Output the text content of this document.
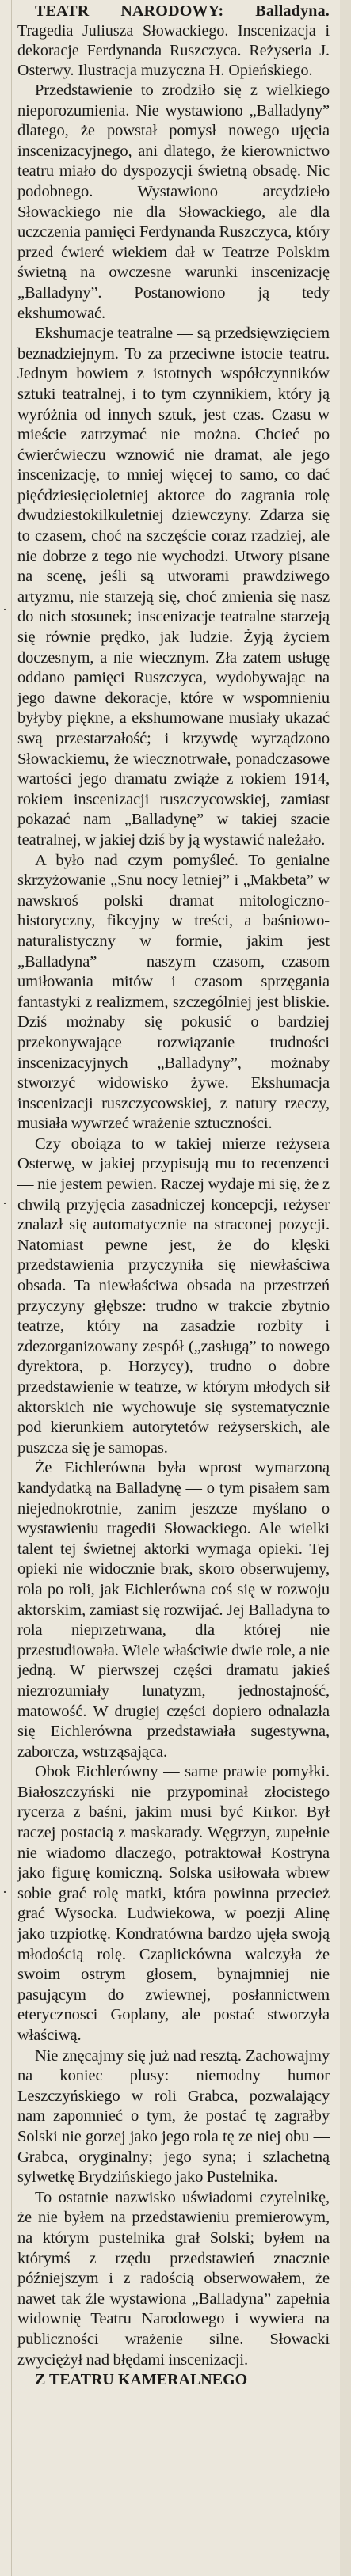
·
·
·

TEATR NARODOWY: Balladyna. Tragedia Juliusza Słowackiego. Inscenizacja i dekoracje Ferdynanda Ruszczyca. Reżyseria J. Osterwy. Ilustracja muzyczna H. Opieńskiego.

Przedstawienie to zrodziło się z wielkiego nieporozumienia. Nie wystawiono „Balladyny” dlatego, że powstał pomysł nowego ujęcia inscenizacyjnego, ani dlatego, że kierownictwo teatru miało do dyspozycji świetną obsadę. Nic podobnego. Wystawiono arcydzieło Słowackiego nie dla Słowackiego, ale dla uczczenia pamięci Ferdynanda Ruszczyca, który przed ćwierć wiekiem dał w Teatrze Polskim świetną na owczesne warunki inscenizację „Balladyny”. Postanowiono ją tedy ekshumować.

Ekshumacje teatralne — są przedsięwzięciem beznadziejnym. To za przeciwne istocie teatru. Jednym bowiem z istotnych współczynników sztuki teatralnej, i to tym czynnikiem, który ją wyróżnia od innych sztuk, jest czas. Czasu w mieście zatrzymać nie można. Chcieć po ćwierćwieczu wznowić nie dramat, ale jego inscenizację, to mniej więcej to samo, co dać pięćdziesięcioletniej aktorce do zagrania rolę dwudziestokilkuletniej dziewczyny. Zdarza się to czasem, choć na szczęście coraz rzadziej, ale nie dobrze z tego nie wychodzi. Utwory pisane na scenę, jeśli są utworami prawdziwego artyzmu, nie starzeją się, choć zmienia się nasz do nich stosunek; inscenizacje teatralne starzeją się równie prędko, jak ludzie. Żyją życiem doczesnym, a nie wiecznym. Zła zatem usługę oddano pamięci Ruszczyca, wydobywając na jego dawne dekoracje, które w wspomnieniu byłyby piękne, a ekshumowane musiały ukazać swą przestarzałość; i krzywdę wyrządzono Słowackiemu, że wiecznotrwałe, ponadczasowe wartości jego dramatu zwiąże z rokiem 1914, rokiem inscenizacji ruszczycowskiej, zamiast pokazać nam „Balladynę” w takiej szacie teatralnej, w jakiej dziś by ją wystawić należało.

A było nad czym pomyśleć. To genialne skrzyżowanie „Snu nocy letniej” i „Makbeta” w nawskroś polski dramat mitologiczno-historyczny, fikcyjny w treści, a baśniowo-naturalistyczny w formie, jakim jest „Balladyna” — naszym czasom, czasom umiłowania mitów i czasom sprzęgania fantastyki z realizmem, szczególniej jest bliskie. Dziś możnaby się pokusić o bardziej przekonywające rozwiązanie trudności inscenizacyjnych „Balladyny”, możnaby stworzyć widowisko żywe. Ekshumacja inscenizacji ruszczycowskiej, z natury rzeczy, musiała wywrzeć wrażenie sztuczności.

Czy oboiąza to w takiej mierze reżysera Osterwę, w jakiej przypisują mu to recenzenci — nie jestem pewien. Raczej wydaje mi się, że z chwilą przyjęcia zasadniczej koncepcji, reżyser znalazł się automatycznie na straconej pozycji. Natomiast pewne jest, że do klęski przedstawienia przyczyniła się niewłaściwa obsada. Ta niewłaściwa obsada na przestrzeń przyczyny głębsze: trudno w trakcie zbytnio teatrze, który na zasadzie rozbity i zdezorganizowany zespół („zasługą” to nowego dyrektora, p. Horzycy), trudno o dobre przedstawienie w teatrze, w którym młodych sił aktorskich nie wychowuje się systematycznie pod kierunkiem autorytetów reżyserskich, ale puszcza się je samopas.

Że Eichlerówna była wprost wymarzoną kandydatką na Balladynę — o tym pisałem sam niejednokrotnie, zanim jeszcze myślano o wystawieniu tragedii Słowackiego. Ale wielki talent tej świetnej aktorki wymaga opieki. Tej opieki nie widocznie brak, skoro obserwujemy, rola po roli, jak Eichlerówna coś się w rozwoju aktorskim, zamiast się rozwijać. Jej Balladyna to rola nieprzetrwana, dla której nie przestudiowała. Wiele właściwie dwie role, a nie jedną. W pierwszej części dramatu jakieś niezrozumiały lunatyzm, jednostajność, matowość. W drugiej części dopiero odnalazła się Eichlerówna przedstawiała sugestywna, zaborcza, wstrząsająca.

Obok Eichlerówny — same prawie pomyłki. Białoszczyński nie przypominał złocistego rycerza z baśni, jakim musi być Kirkor. Był raczej postacią z maskarady. Węgrzyn, zupełnie nie wiadomo dlaczego, potraktował Kostryna jako figurę komiczną. Solska usiłowała wbrew sobie grać rolę matki, która powinna przecież grać Wysocka. Ludwiekowa, w poezji Alinę jako trzpiotkę. Kondratówna bardzo ujęła swoją młodością rolę. Czaplickówna walczyła że swoim ostrym głosem, bynajmniej nie pasującym do zwiewnej, posłannictwem eterycznosci Goplany, ale postać stworzyła właściwą.

Nie znęcajmy się już nad resztą. Zachowajmy na koniec plusy: niemodny humor Leszczyńskiego w roli Grabca, pozwalający nam zapomnieć o tym, że postać tę zagrałby Solski nie gorzej jako jego rola tę ze niej obu — Grabca, oryginalny; jego syna; i szlachetną sylwetkę Brydzińskiego jako Pustelnika.

To ostatnie nazwisko uświadomi czytelnikę, że nie byłem na przedstawieniu premierowym, na którym pustelnika grał Solski; byłem na którymś z rzędu przedstawień znacznie późniejszym i z radością obserwowałem, że nawet tak źle wystawiona „Balladyna” zapełnia widownię Teatru Narodowego i wywiera na publiczności wrażenie silne. Słowacki zwyciężył nad błędami inscenizacji.

Z TEATRU KAMERALNEGO
